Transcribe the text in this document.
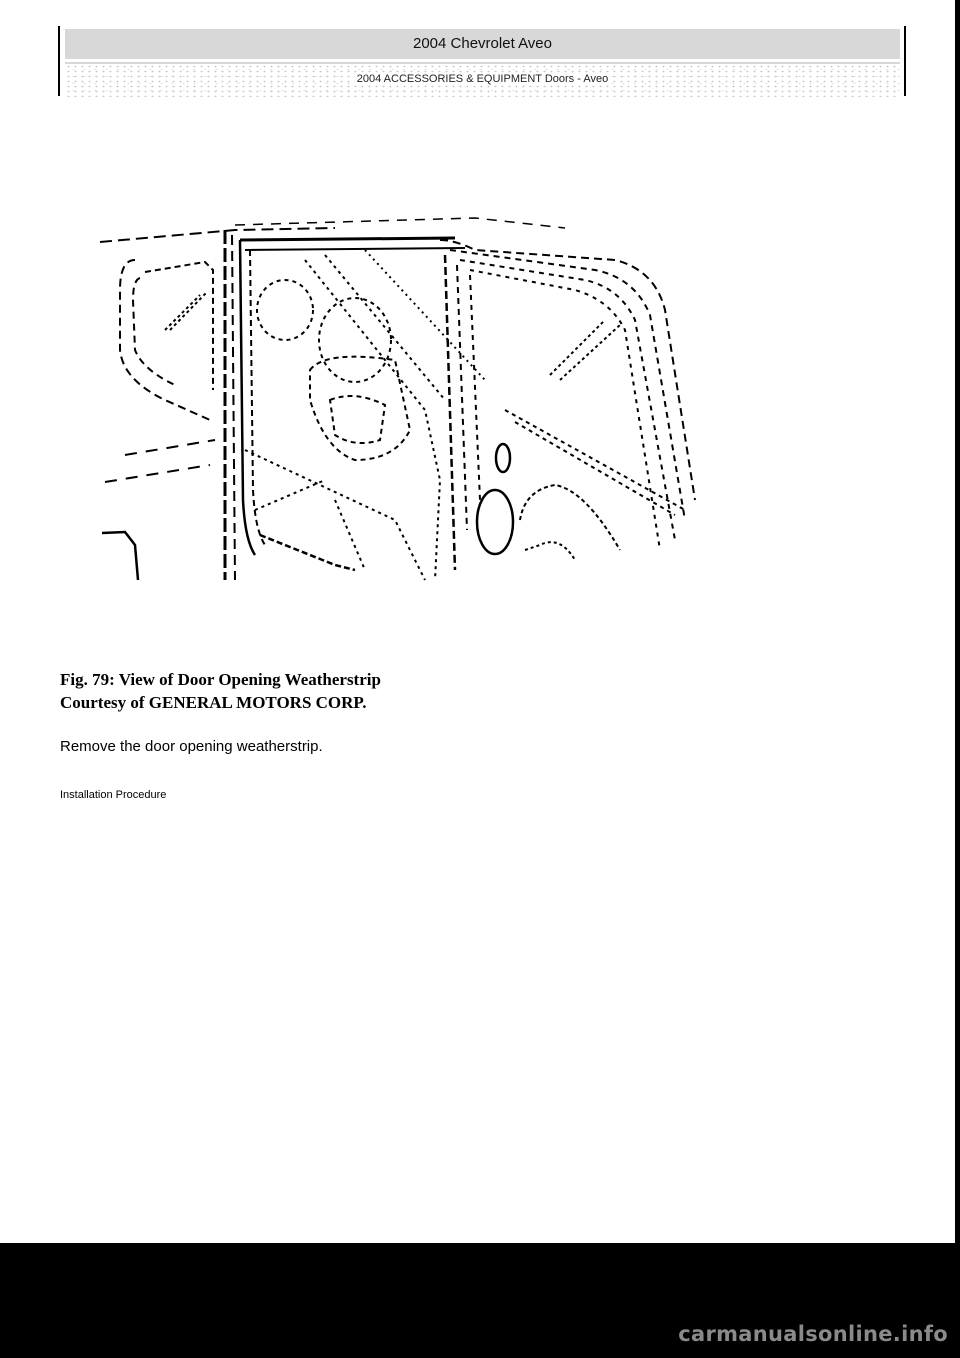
2004 Chevrolet Aveo
2004 ACCESSORIES & EQUIPMENT Doors - Aveo
Fig. 79: View of Door Opening Weatherstrip
Courtesy of GENERAL MOTORS CORP.
Remove the door opening weatherstrip.
Installation Procedure
carmanualsonline.info
